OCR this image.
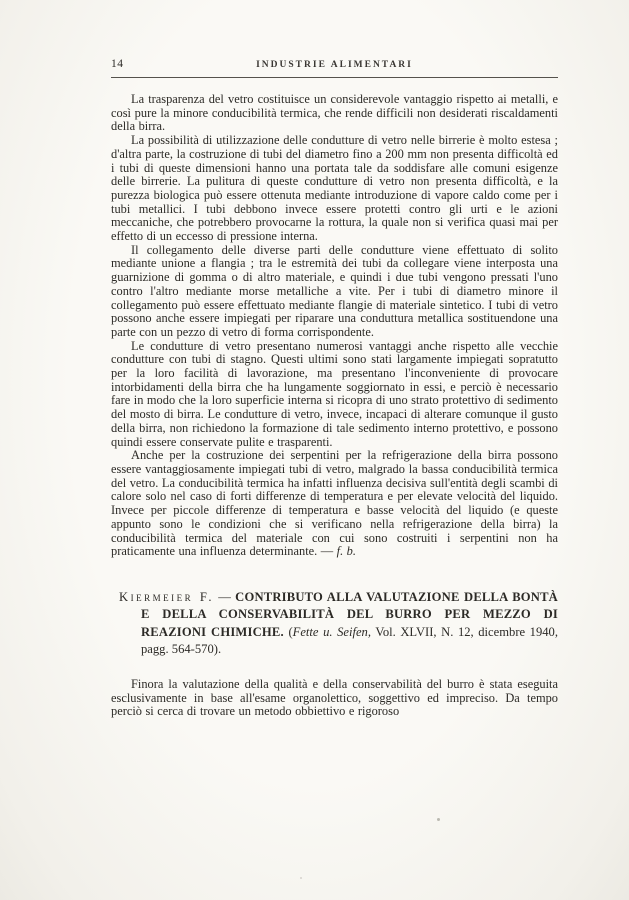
14	INDUSTRIE ALIMENTARI

La trasparenza del vetro costituisce un considerevole vantaggio rispetto ai metalli, e così pure la minore conducibilità termica, che rende difficili non desiderati riscaldamenti della birra.

La possibilità di utilizzazione delle condutture di vetro nelle birrerie è molto estesa ; d'altra parte, la costruzione di tubi del diametro fino a 200 mm non presenta difficoltà ed i tubi di queste dimensioni hanno una portata tale da soddisfare alle comuni esigenze delle birrerie. La pulitura di queste condutture di vetro non presenta difficoltà, e la purezza biologica può essere ottenuta mediante introduzione di vapore caldo come per i tubi metallici. I tubi debbono invece essere protetti contro gli urti e le azioni meccaniche, che potrebbero provocarne la rottura, la quale non si verifica quasi mai per effetto di un eccesso di pressione interna.

Il collegamento delle diverse parti delle condutture viene effettuato di solito mediante unione a flangia ; tra le estremità dei tubi da collegare viene interposta una guarnizione di gomma o di altro materiale, e quindi i due tubi vengono pressati l'uno contro l'altro mediante morse metalliche a vite. Per i tubi di diametro minore il collegamento può essere effettuato mediante flangie di materiale sintetico. I tubi di vetro possono anche essere impiegati per riparare una conduttura metallica sostituendone una parte con un pezzo di vetro di forma corrispondente.

Le condutture di vetro presentano numerosi vantaggi anche rispetto alle vecchie condutture con tubi di stagno. Questi ultimi sono stati largamente impiegati sopratutto per la loro facilità di lavorazione, ma presentano l'inconveniente di provocare intorbidamenti della birra che ha lungamente soggiornato in essi, e perciò è necessario fare in modo che la loro superficie interna si ricopra di uno strato protettivo di sedimento del mosto di birra. Le condutture di vetro, invece, incapaci di alterare comunque il gusto della birra, non richiedono la formazione di tale sedimento interno protettivo, e possono quindi essere conservate pulite e trasparenti.

Anche per la costruzione dei serpentini per la refrigerazione della birra possono essere vantaggiosamente impiegati tubi di vetro, malgrado la bassa conducibilità termica del vetro. La conducibilità termica ha infatti influenza decisiva sull'entità degli scambi di calore solo nel caso di forti differenze di temperatura e per elevate velocità del liquido. Invece per piccole differenze di temperatura e basse velocità del liquido (e queste appunto sono le condizioni che si verificano nella refrigerazione della birra) la conducibilità termica del materiale con cui sono costruiti i serpentini non ha praticamente una influenza determinante. — f. b.

Kiermeier F. — CONTRIBUTO ALLA VALUTAZIONE DELLA BONTÀ E DELLA CONSERVABILITÀ DEL BURRO PER MEZZO DI REAZIONI CHIMICHE. (Fette u. Seifen, Vol. XLVII, N. 12, dicembre 1940, pagg. 564-570).

Finora la valutazione della qualità e della conservabilità del burro è stata eseguita esclusivamente in base all'esame organolettico, soggettivo ed impreciso. Da tempo perciò si cerca di trovare un metodo obbiettivo e rigoroso
